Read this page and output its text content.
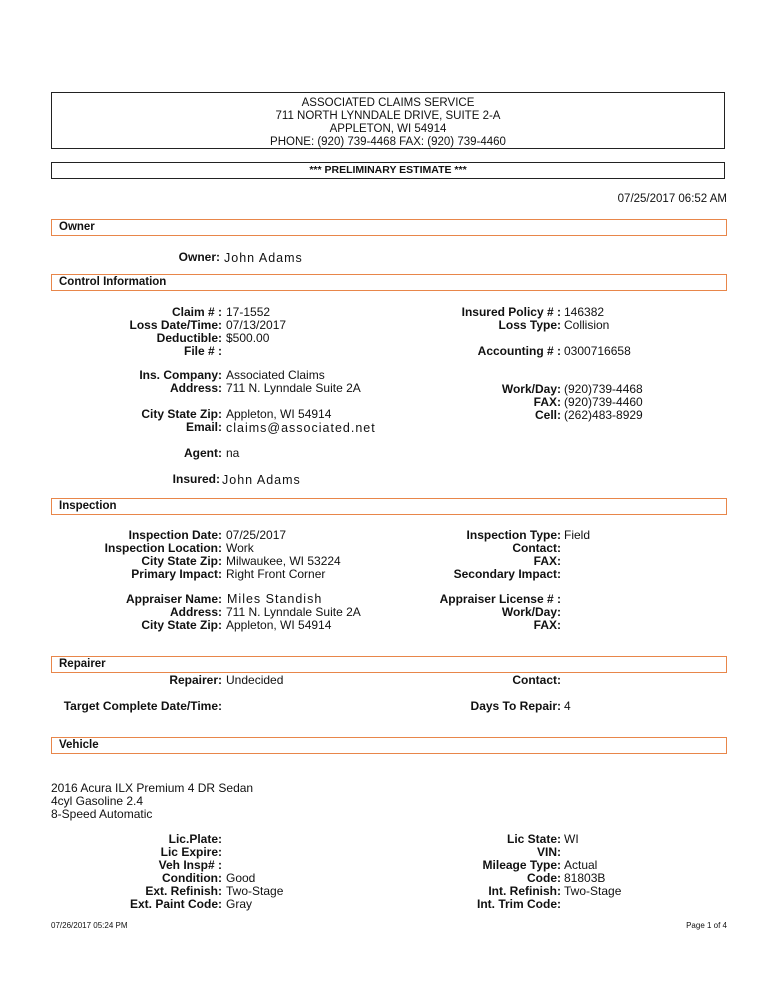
ASSOCIATED CLAIMS SERVICE
711 NORTH LYNNDALE DRIVE, SUITE 2-A
APPLETON, WI 54914
PHONE: (920) 739-4468 FAX: (920) 739-4460
*** PRELIMINARY ESTIMATE ***
07/25/2017 06:52 AM
Owner
Owner: John Adams
Control Information
Claim # : 17-1552
Loss Date/Time: 07/13/2017
Deductible: $500.00
File # :
Insured Policy # : 146382
Loss Type: Collision
Accounting # : 0300716658
Ins. Company: Associated Claims
Address: 711 N. Lynndale Suite 2A
City State Zip: Appleton, WI 54914
Email: claims@associated.net
Work/Day: (920)739-4468
FAX: (920)739-4460
Cell: (262)483-8929
Agent: na
Insured: John Adams
Inspection
Inspection Date: 07/25/2017
Inspection Location: Work
City State Zip: Milwaukee, WI 53224
Primary Impact: Right Front Corner
Inspection Type: Field
Contact:
FAX:
Secondary Impact:
Appraiser Name: Miles Standish
Address: 711 N. Lynndale Suite 2A
City State Zip: Appleton, WI 54914
Appraiser License # :
Work/Day:
FAX:
Repairer
Repairer: Undecided	Contact:
Target Complete Date/Time:	Days To Repair: 4
Vehicle
2016 Acura ILX Premium 4 DR Sedan
4cyl Gasoline 2.4
8-Speed Automatic
Lic.Plate:
Lic Expire:
Veh Insp# :
Condition: Good
Ext. Refinish: Two-Stage
Ext. Paint Code: Gray
Lic State: WI
VIN:
Mileage Type: Actual
Code: 81803B
Int. Refinish: Two-Stage
Int. Trim Code:
07/26/2017 05:24 PM	Page 1 of 4
